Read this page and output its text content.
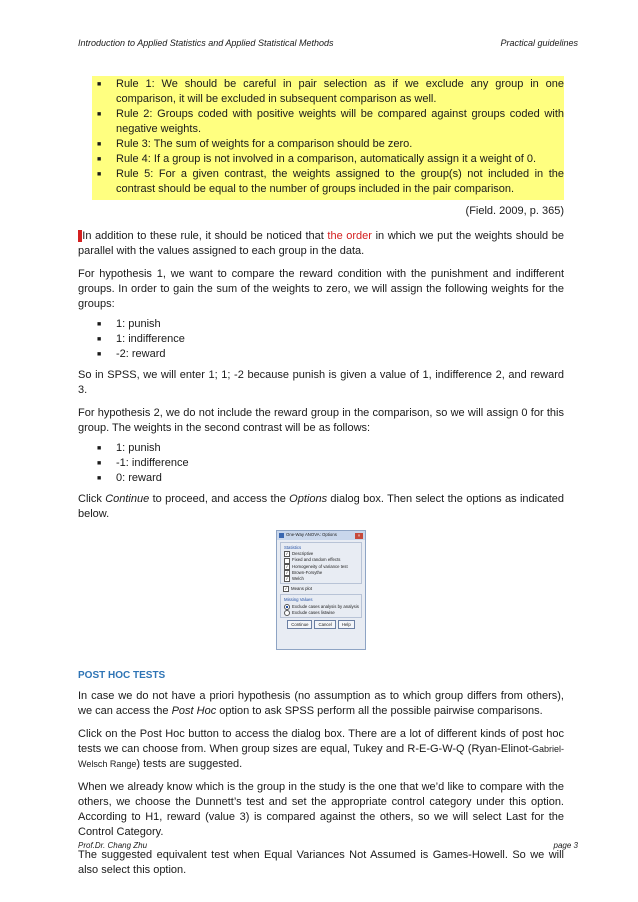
Introduction to Applied Statistics and Applied Statistical Methods	Practical guidelines
■ Rule 1: We should be careful in pair selection as if we exclude any group in one comparison, it will be excluded in subsequent comparison as well.
■ Rule 2: Groups coded with positive weights will be compared against groups coded with negative weights.
■ Rule 3: The sum of weights for a comparison should be zero.
■ Rule 4: If a group is not involved in a comparison, automatically assign it a weight of 0.
■ Rule 5: For a given contrast, the weights assigned to the group(s) not included in the contrast should be equal to the number of groups included in the pair comparison.
(Field. 2009, p. 365)

*In addition to these rule, it should be noticed that the order in which we put the weights should be parallel with the values assigned to each group in the data.

For hypothesis 1, we want to compare the reward condition with the punishment and indifferent groups. In order to gain the sum of the weights to zero, we will assign the following weights for the groups:

■ 1: punish
■ 1: indifference
■ -2: reward

So in SPSS, we will enter 1; 1; -2 because punish is given a value of 1, indifference 2, and reward 3.

For hypothesis 2, we do not include the reward group in the comparison, so we will assign 0 for this group. The weights in the second contrast will be as follows:

■ 1: punish
■ -1: indifference
■ 0: reward

Click Continue to proceed, and access the Options dialog box. Then select the options as indicated below.

One-Way ANOVA: Options	×
Statistics
✓ Descriptive
Fixed and random effects
✓ Homogeneity of variance test
✓ Brown-Forsythe
✓ Welch
✓ Means plot
Missing Values
Exclude cases analysis by analysis
Exclude cases listwise
Continue	Cancel	Help
POST HOC TESTS

In case we do not have a priori hypothesis (no assumption as to which group differs from others), we can access the Post Hoc option to ask SPSS perform all the possible pairwise comparisons.

Click on the Post Hoc button to access the dialog box. There are a lot of different kinds of post hoc tests we can choose from. When group sizes are equal, Tukey and R-E-G-W-Q (Ryan-Elinot-Gabriel-Welsch Range) tests are suggested.

When we already know which is the group in the study is the one that we’d like to compare with the others, we choose the Dunnett’s test and set the appropriate control category under this option. According to H1, reward (value 3) is compared against the others, so we will select Last for the Control Category.

The suggested equivalent test when Equal Variances Not Assumed is Games-Howell. So we will also select this option.

Prof.Dr. Chang Zhu	page 3
